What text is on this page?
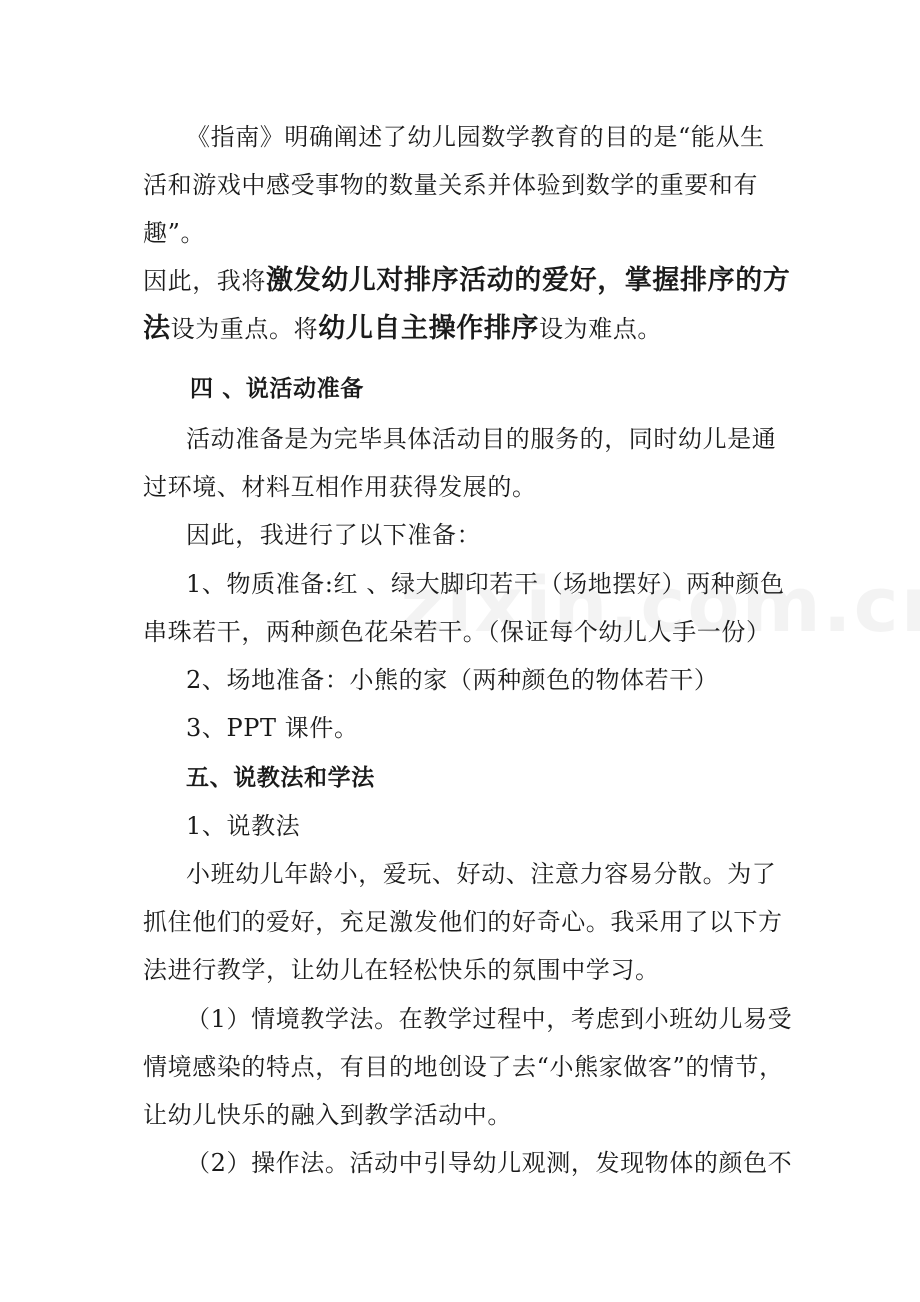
《指南》明确阐述了幼儿园数学教育的目的是“能从生
活和游戏中感受事物的数量关系并体验到数学的重要和有
趣”。
因此，我将激发幼儿对排序活动的爱好，掌握排序的方
法设为重点。将幼儿自主操作排序设为难点。
四 、说活动准备
活动准备是为完毕具体活动目的服务的，同时幼儿是通
过环境、材料互相作用获得发展的。
因此，我进行了以下准备：
1、物质准备:红 、绿大脚印若干（场地摆好）两种颜色
串珠若干，两种颜色花朵若干。（保证每个幼儿人手一份）
2、场地准备：小熊的家（两种颜色的物体若干）
3、PPT 课件。
五、说教法和学法
1、说教法
小班幼儿年龄小，爱玩、好动、注意力容易分散。为了
抓住他们的爱好，充足激发他们的好奇心。我采用了以下方
法进行教学，让幼儿在轻松快乐的氛围中学习。
（1）情境教学法。在教学过程中，考虑到小班幼儿易受
情境感染的特点，有目的地创设了去“小熊家做客”的情节，
让幼儿快乐的融入到教学活动中。
（2）操作法。活动中引导幼儿观测，发现物体的颜色不
